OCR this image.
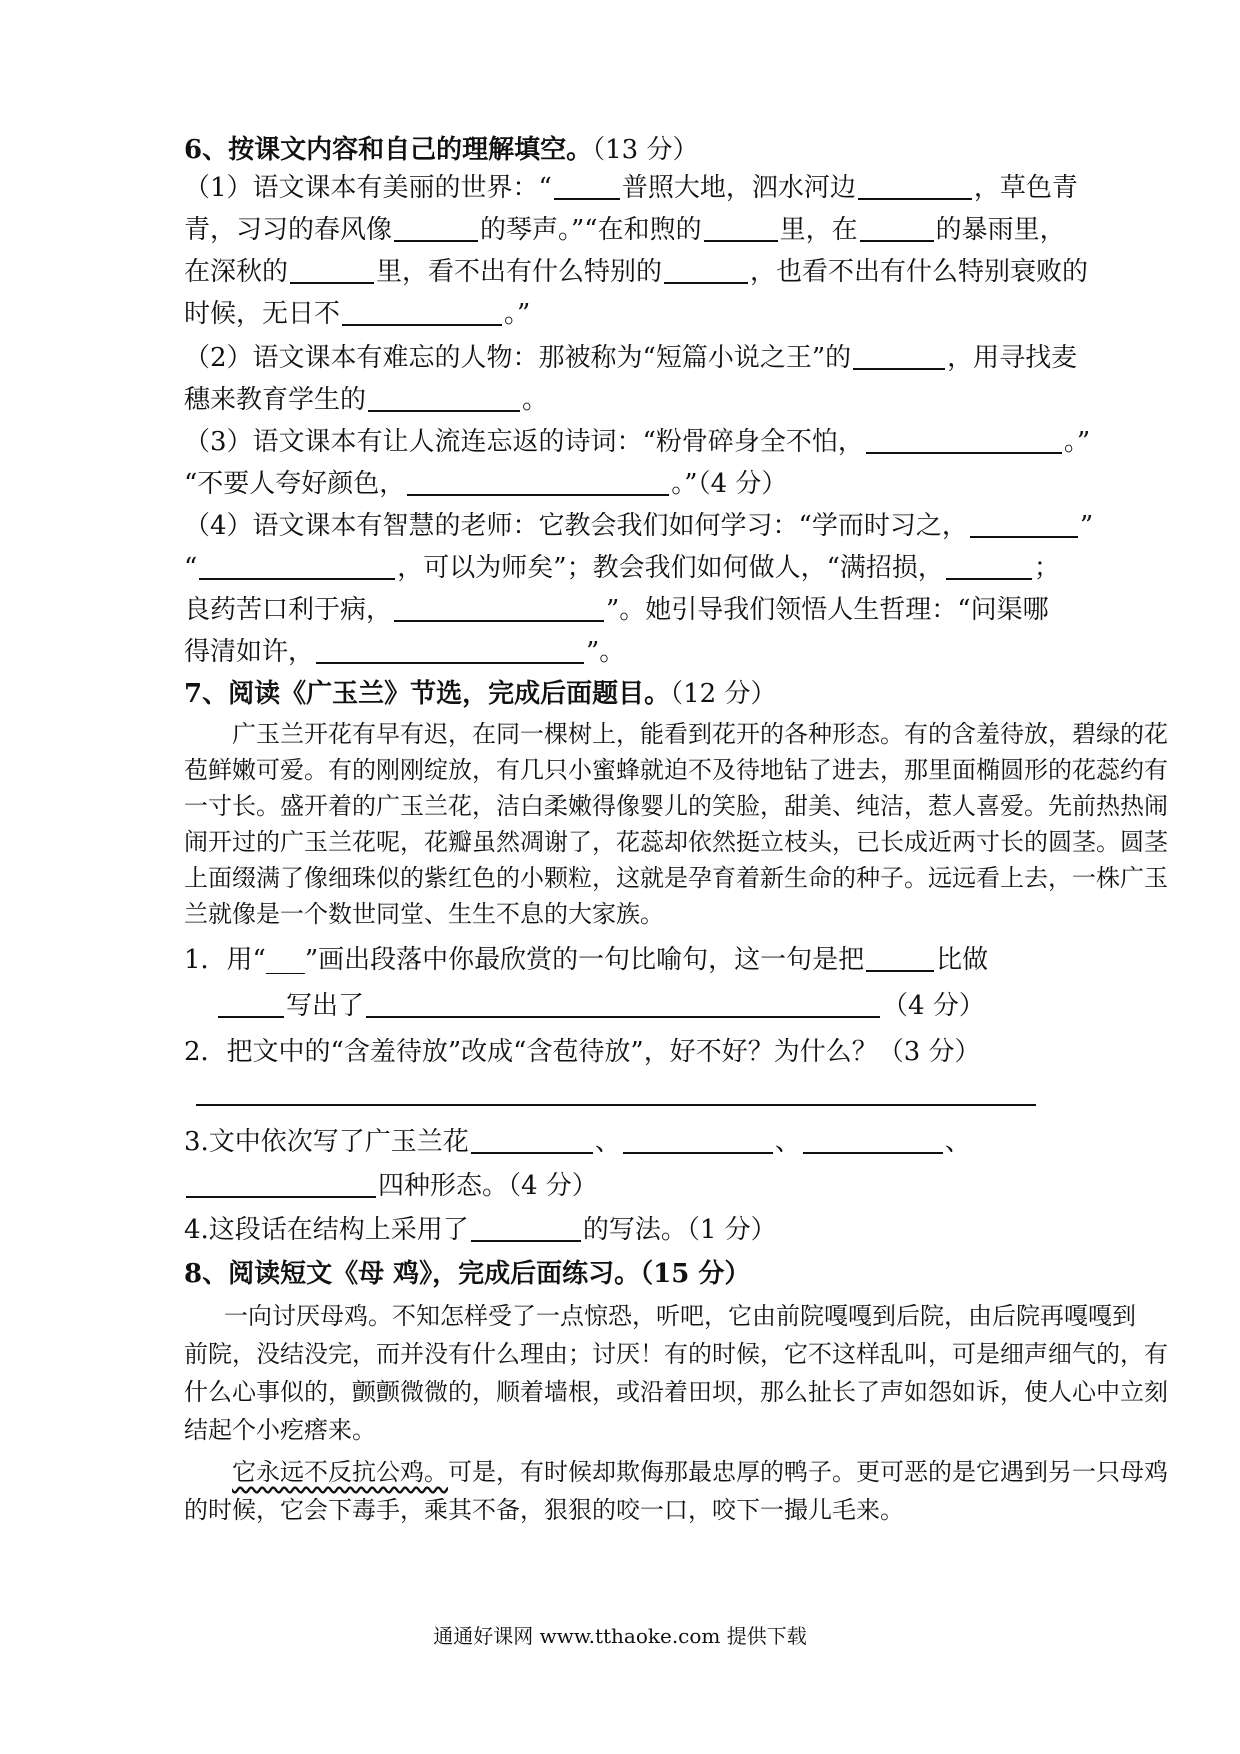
6、按课文内容和自己的理解填空。（13 分）
（1）语文课本有美丽的世界：“	普照大地，泗水河边	，草色青
青，习习的春风像	的琴声。”“在和煦的	里，在	的暴雨里，
在深秋的	里，看不出有什么特别的	，也看不出有什么特别衰败的
时候，无日不	。”
（2）语文课本有难忘的人物：那被称为“短篇小说之王”的	，用寻找麦
穗来教育学生的	。
（3）语文课本有让人流连忘返的诗词：“粉骨碎身全不怕，	。”
“不要人夸好颜色，	。”（4 分）
（4）语文课本有智慧的老师：它教会我们如何学习：“学而时习之，	”
“	，可以为师矣”；教会我们如何做人，“满招损，	；
良药苦口利于病，	”。她引导我们领悟人生哲理：“问渠哪
得清如许，	”。
7、阅读《广玉兰》节选，完成后面题目。（12 分）
广玉兰开花有早有迟，在同一棵树上，能看到花开的各种形态。有的含羞待放，碧绿的花
苞鲜嫩可爱。有的刚刚绽放，有几只小蜜蜂就迫不及待地钻了进去，那里面椭圆形的花蕊约有
一寸长。盛开着的广玉兰花，洁白柔嫩得像婴儿的笑脸，甜美、纯洁，惹人喜爱。先前热热闹
闹开过的广玉兰花呢，花瓣虽然凋谢了，花蕊却依然挺立枝头，已长成近两寸长的圆茎。圆茎
上面缀满了像细珠似的紫红色的小颗粒，这就是孕育着新生命的种子。远远看上去，一株广玉
兰就像是一个数世同堂、生生不息的大家族。
1．用“___”画出段落中你最欣赏的一句比喻句，这一句是把	比做
写出了	（4 分）
2．把文中的“含羞待放”改成“含苞待放”，好不好？为什么？（3 分）
3.文中依次写了广玉兰花	、	、	、
四种形态。（4 分）
4.这段话在结构上采用了	的写法。（1 分）
8、阅读短文《母 鸡》，完成后面练习。（15 分）
一向讨厌母鸡。不知怎样受了一点惊恐，听吧，它由前院嘎嘎到后院，由后院再嘎嘎到
前院，没结没完，而并没有什么理由；讨厌！有的时候，它不这样乱叫，可是细声细气的，有
什么心事似的，颤颤微微的，顺着墙根，或沿着田坝，那么扯长了声如怨如诉，使人心中立刻
结起个小疙瘩来。
它永远不反抗公鸡。可是，有时候却欺侮那最忠厚的鸭子。更可恶的是它遇到另一只母鸡
的时候，它会下毒手，乘其不备，狠狠的咬一口，咬下一撮儿毛来。
通通好课网 www.tthaoke.com 提供下载
